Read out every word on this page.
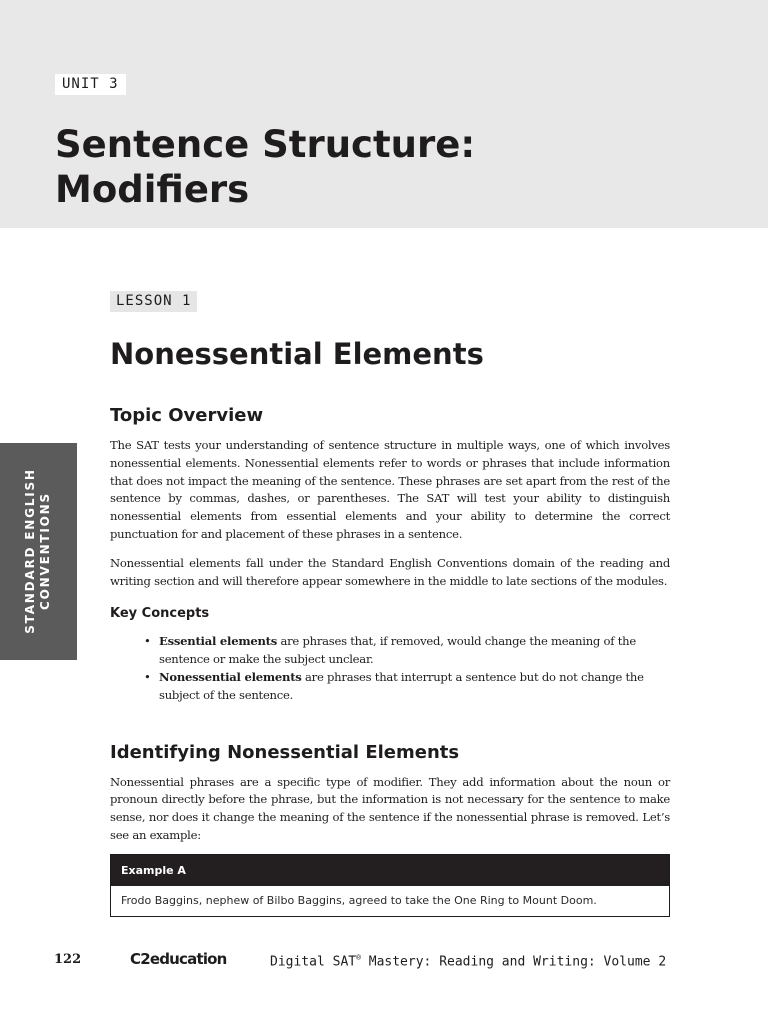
UNIT 3
Sentence Structure:
Modifiers
STANDARD ENGLISH
CONVENTIONS
LESSON 1
Nonessential Elements
Topic Overview

The SAT tests your understanding of sentence structure in multiple ways, one of which involves nonessential elements. Nonessential elements refer to words or phrases that include information that does not impact the meaning of the sentence. These phrases are set apart from the rest of the sentence by commas, dashes, or parentheses. The SAT will test your ability to distinguish nonessential elements from essential elements and your ability to determine the correct punctuation for and placement of these phrases in a sentence.

Nonessential elements fall under the Standard English Conventions domain of the reading and writing section and will therefore appear somewhere in the middle to late sections of the modules.

Key Concepts
• Essential elements are phrases that, if removed, would change the meaning of the sentence or make the subject unclear.
• Nonessential elements are phrases that interrupt a sentence but do not change the subject of the sentence.
Identifying Nonessential Elements

Nonessential phrases are a specific type of modifier. They add information about the noun or pronoun directly before the phrase, but the information is not necessary for the sentence to make sense, nor does it change the meaning of the sentence if the nonessential phrase is removed. Let’s see an example:

Example A
Frodo Baggins, nephew of Bilbo Baggins, agreed to take the One Ring to Mount Doom.
122	C2education	Digital SAT® Mastery: Reading and Writing: Volume 2
